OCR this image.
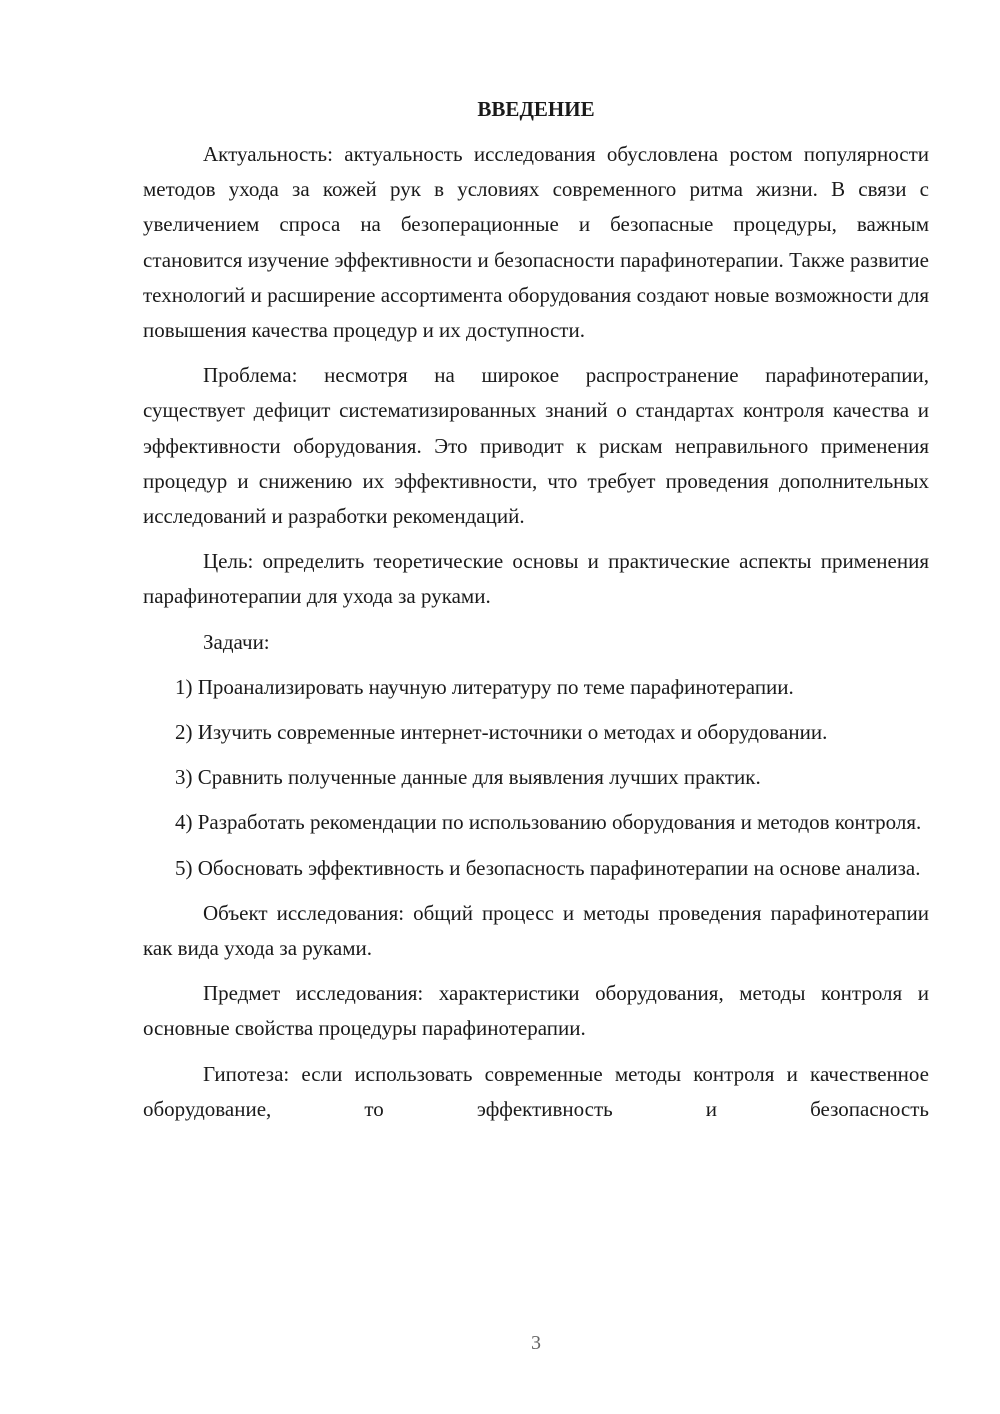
ВВЕДЕНИЕ

Актуальность: актуальность исследования обусловлена ростом популярности методов ухода за кожей рук в условиях современного ритма жизни. В связи с увеличением спроса на безоперационные и безопасные процедуры, важным становится изучение эффективности и безопасности парафинотерапии. Также развитие технологий и расширение ассортимента оборудования создают новые возможности для повышения качества процедур и их доступности.

Проблема: несмотря на широкое распространение парафинотерапии, существует дефицит систематизированных знаний о стандартах контроля качества и эффективности оборудования. Это приводит к рискам неправильного применения процедур и снижению их эффективности, что требует проведения дополнительных исследований и разработки рекомендаций.

Цель: определить теоретические основы и практические аспекты применения парафинотерапии для ухода за руками.

Задачи:

1) Проанализировать научную литературу по теме парафинотерапии.

2) Изучить современные интернет-источники о методах и оборудовании.

3) Сравнить полученные данные для выявления лучших практик.

4) Разработать рекомендации по использованию оборудования и методов контроля.

5) Обосновать эффективность и безопасность парафинотерапии на основе анализа.

Объект исследования: общий процесс и методы проведения парафинотерапии как вида ухода за руками.

Предмет исследования: характеристики оборудования, методы контроля и основные свойства процедуры парафинотерапии.

Гипотеза: если использовать современные методы контроля и качественное оборудование, то эффективность и безопасность

3
